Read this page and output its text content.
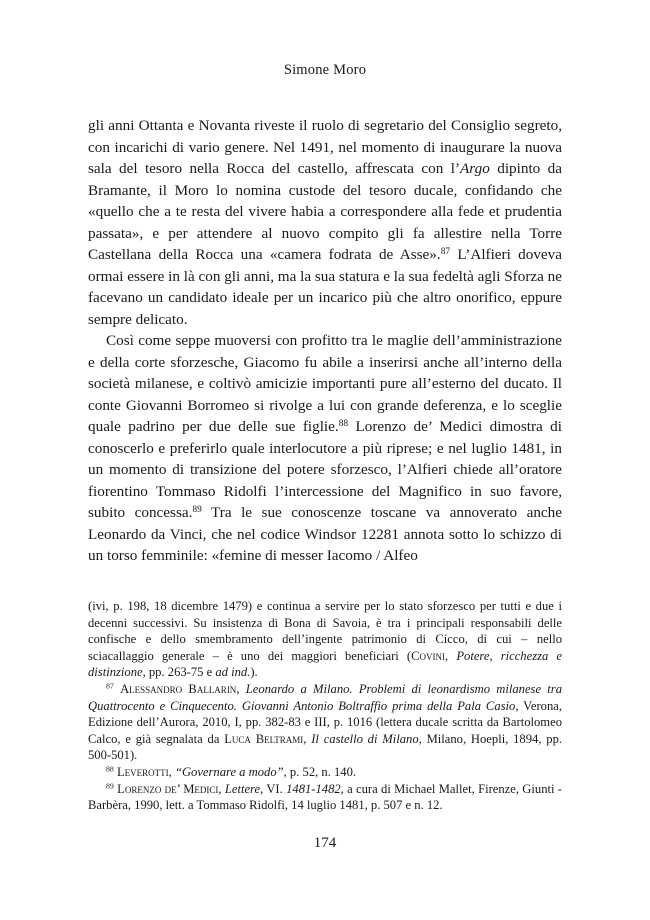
Simone Moro

gli anni Ottanta e Novanta riveste il ruolo di segretario del Consiglio segreto, con incarichi di vario genere. Nel 1491, nel momento di inaugurare la nuova sala del tesoro nella Rocca del castello, affrescata con l’Argo dipinto da Bramante, il Moro lo nomina custode del tesoro ducale, confidando che «quello che a te resta del vivere habia a correspondere alla fede et prudentia passata», e per attendere al nuovo compito gli fa allestire nella Torre Castellana della Rocca una «camera fodrata de Asse».$^{87}$ L’Alfieri doveva ormai essere in là con gli anni, ma la sua statura e la sua fedeltà agli Sforza ne facevano un candidato ideale per un incarico più che altro onorifico, eppure sempre delicato.

Così come seppe muoversi con profitto tra le maglie dell’amministrazione e della corte sforzesche, Giacomo fu abile a inserirsi anche all’interno della società milanese, e coltivò amicizie importanti pure all’esterno del ducato. Il conte Giovanni Borromeo si rivolge a lui con grande deferenza, e lo sceglie quale padrino per due delle sue figlie.$^{88}$ Lorenzo de’ Medici dimostra di conoscerlo e preferirlo quale interlocutore a più riprese; e nel luglio 1481, in un momento di transizione del potere sforzesco, l’Alfieri chiede all’oratore fiorentino Tommaso Ridolfi l’intercessione del Magnifico in suo favore, subito concessa.$^{89}$ Tra le sue conoscenze toscane va annoverato anche Leonardo da Vinci, che nel codice Windsor 12281 annota sotto lo schizzo di un torso femminile: «femine di messer Iacomo / Alfeo

(ivi, p. 198, 18 dicembre 1479) e continua a servire per lo stato sforzesco per tutti e due i decenni successivi. Su insistenza di Bona di Savoia, è tra i principali responsabili delle confische e dello smembramento dell’ingente patrimonio di Cicco, di cui – nello sciacallaggio generale – è uno dei maggiori beneficiari (Covini, Potere, ricchezza e distinzione, pp. 263-75 e ad ind.).

$^{87}$ Alessandro Ballarin, Leonardo a Milano. Problemi di leonardismo milanese tra Quattrocento e Cinquecento. Giovanni Antonio Boltraffio prima della Pala Casio, Verona, Edizione dell’Aurora, 2010, I, pp. 382-83 e III, p. 1016 (lettera ducale scritta da Bartolomeo Calco, e già segnalata da Luca Beltrami, Il castello di Milano, Milano, Hoepli, 1894, pp. 500-501).

$^{88}$ Leverotti, “Governare a modo”, p. 52, n. 140.

$^{89}$ Lorenzo de’ Medici, Lettere, VI. 1481-1482, a cura di Michael Mallet, Firenze, Giunti - Barbèra, 1990, lett. a Tommaso Ridolfi, 14 luglio 1481, p. 507 e n. 12.

174
